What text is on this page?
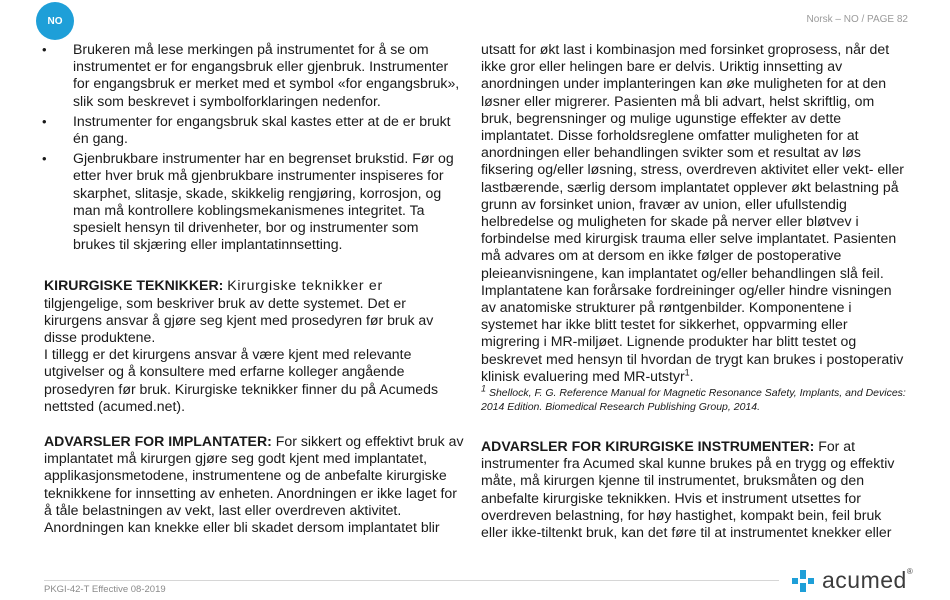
NO	Norsk – NO / PAGE 82
• Brukeren må lese merkingen på instrumentet for å se om instrumentet er for engangsbruk eller gjenbruk. Instrumenter for engangsbruk er merket med et symbol «for engangsbruk», slik som beskrevet i symbolforklaringen nedenfor.
• Instrumenter for engangsbruk skal kastes etter at de er brukt én gang.
• Gjenbrukbare instrumenter har en begrenset brukstid. Før og etter hver bruk må gjenbrukbare instrumenter inspiseres for skarphet, slitasje, skade, skikkelig rengjøring, korrosjon, og man må kontrollere koblingsmekanismenes integritet. Ta spesielt hensyn til drivenheter, bor og instrumenter som brukes til skjæring eller implantatinnsetting.

KIRURGISKE TEKNIKKER: Kirurgiske teknikker er tilgjengelige, som beskriver bruk av dette systemet. Det er kirurgens ansvar å gjøre seg kjent med prosedyren før bruk av disse produktene.

I tillegg er det kirurgens ansvar å være kjent med relevante utgivelser og å konsultere med erfarne kolleger angående prosedyren før bruk. Kirurgiske teknikker finner du på Acumeds nettsted (acumed.net).

ADVARSLER FOR IMPLANTATER: For sikkert og effektivt bruk av implantatet må kirurgen gjøre seg godt kjent med implantatet, applikasjonsmetodene, instrumentene og de anbefalte kirurgiske teknikkene for innsetting av enheten. Anordningen er ikke laget for å tåle belastningen av vekt, last eller overdreven aktivitet. Anordningen kan knekke eller bli skadet dersom implantatet blir

utsatt for økt last i kombinasjon med forsinket groprosess, når det ikke gror eller helingen bare er delvis. Uriktig innsetting av anordningen under implanteringen kan øke muligheten for at den løsner eller migrerer. Pasienten må bli advart, helst skriftlig, om bruk, begrensninger og mulige ugunstige effekter av dette implantatet. Disse forholdsreglene omfatter muligheten for at anordningen eller behandlingen svikter som et resultat av løs fiksering og/eller løsning, stress, overdreven aktivitet eller vekt- eller lastbærende, særlig dersom implantatet opplever økt belastning på grunn av forsinket union, fravær av union, eller ufullstendig helbredelse og muligheten for skade på nerver eller bløtvev i forbindelse med kirurgisk trauma eller selve implantatet. Pasienten må advares om at dersom en ikke følger de postoperative pleieanvisningene, kan implantatet og/eller behandlingen slå feil. Implantatene kan forårsake fordreininger og/eller hindre visningen av anatomiske strukturer på røntgenbilder. Komponentene i systemet har ikke blitt testet for sikkerhet, oppvarming eller migrering i MR-miljøet. Lignende produkter har blitt testet og beskrevet med hensyn til hvordan de trygt kan brukes i postoperativ klinisk evaluering med MR-utstyr$^1$.

$^1$ Shellock, F. G. Reference Manual for Magnetic Resonance Safety, Implants, and Devices: 2014 Edition. Biomedical Research Publishing Group, 2014.

ADVARSLER FOR KIRURGISKE INSTRUMENTER: For at instrumenter fra Acumed skal kunne brukes på en trygg og effektiv måte, må kirurgen kjenne til instrumentet, bruksmåten og den anbefalte kirurgiske teknikken. Hvis et instrument utsettes for overdreven belastning, for høy hastighet, kompakt bein, feil bruk eller ikke-tiltenkt bruk, kan det føre til at instrumentet knekker eller

PKGI-42-T Effective 08-2019	acumed®
